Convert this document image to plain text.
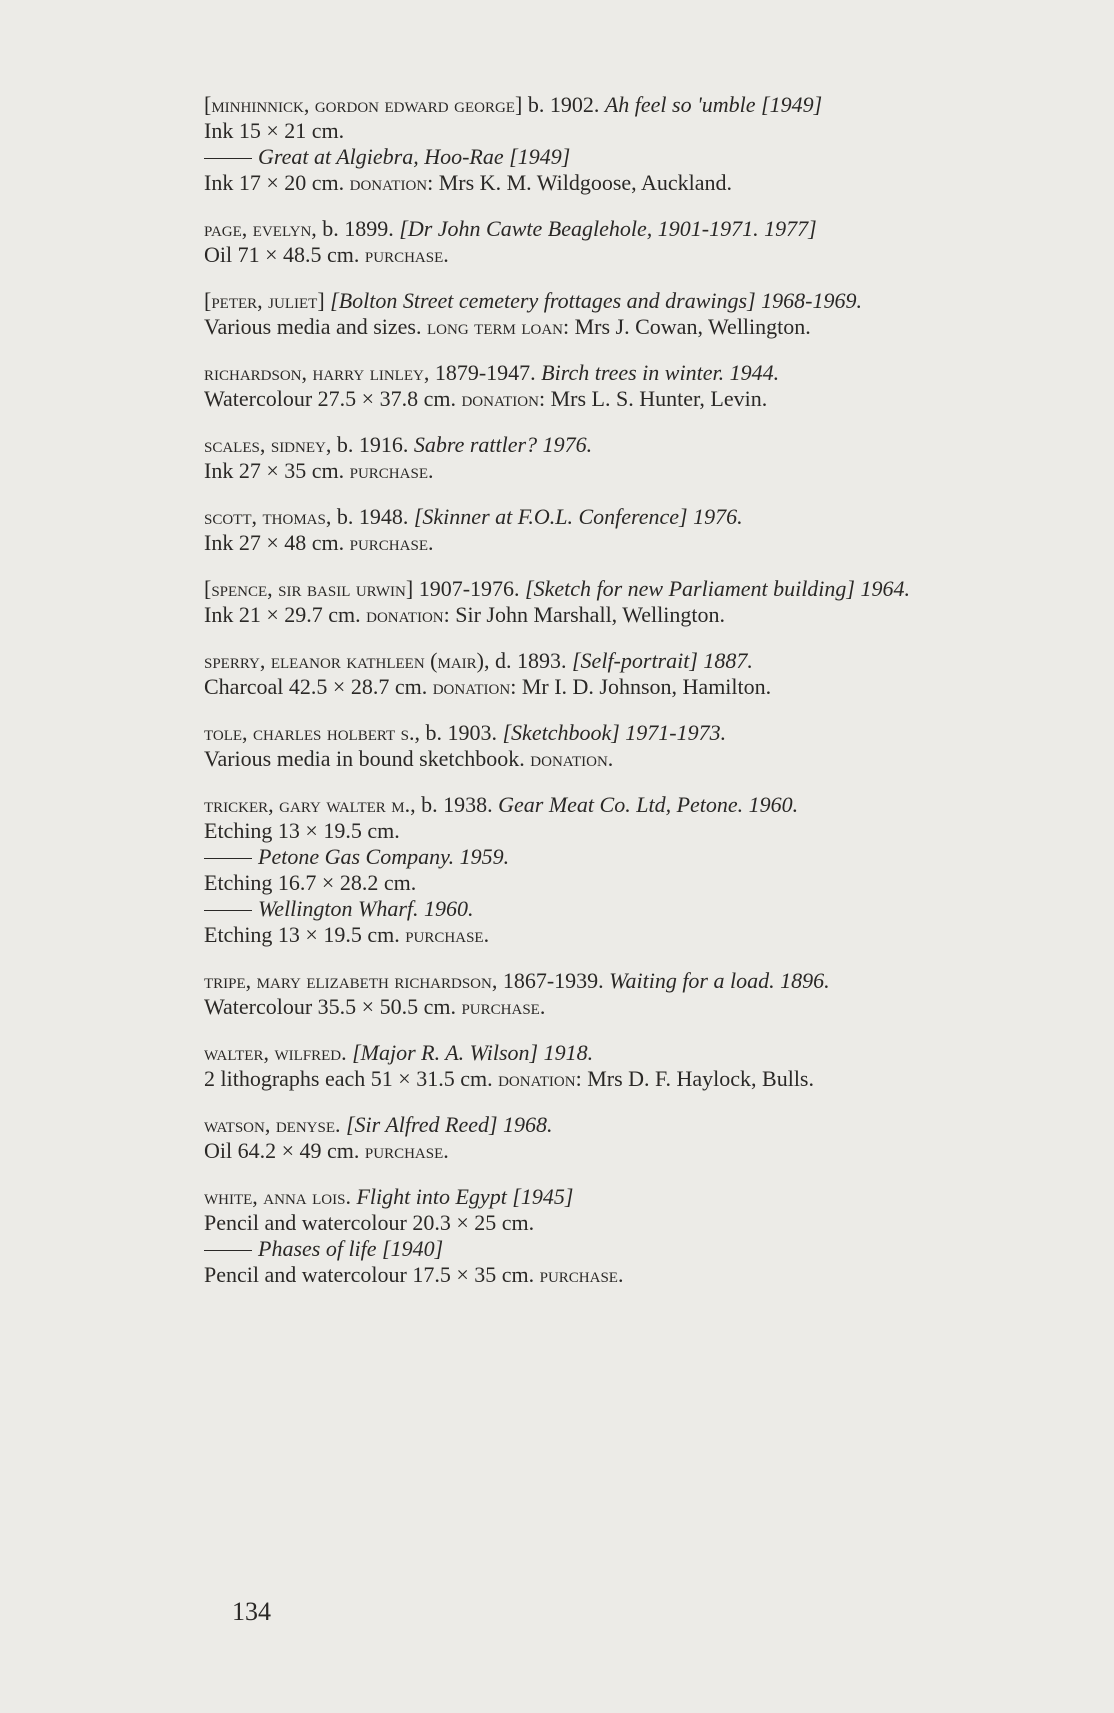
[minhinnick, gordon edward george] b. 1902. Ah feel so 'umble [1949]
Ink 15 × 21 cm.
Great at Algiebra, Hoo-Rae [1949]
Ink 17 × 20 cm. donation: Mrs K. M. Wildgoose, Auckland.
page, evelyn, b. 1899. [Dr John Cawte Beaglehole, 1901-1971. 1977]
Oil 71 × 48.5 cm. purchase.
[peter, juliet] [Bolton Street cemetery frottages and drawings] 1968-1969.
Various media and sizes. long term loan: Mrs J. Cowan, Wellington.
richardson, harry linley, 1879-1947. Birch trees in winter. 1944.
Watercolour 27.5 × 37.8 cm. donation: Mrs L. S. Hunter, Levin.
scales, sidney, b. 1916. Sabre rattler? 1976.
Ink 27 × 35 cm. purchase.
scott, thomas, b. 1948. [Skinner at F.O.L. Conference] 1976.
Ink 27 × 48 cm. purchase.
[spence, sir basil urwin] 1907-1976. [Sketch for new Parliament building] 1964.
Ink 21 × 29.7 cm. donation: Sir John Marshall, Wellington.
sperry, eleanor kathleen (mair), d. 1893. [Self-portrait] 1887.
Charcoal 42.5 × 28.7 cm. donation: Mr I. D. Johnson, Hamilton.
tole, charles holbert s., b. 1903. [Sketchbook] 1971-1973.
Various media in bound sketchbook. donation.
tricker, gary walter m., b. 1938. Gear Meat Co. Ltd, Petone. 1960.
Etching 13 × 19.5 cm.
Petone Gas Company. 1959.
Etching 16.7 × 28.2 cm.
Wellington Wharf. 1960.
Etching 13 × 19.5 cm. purchase.
tripe, mary elizabeth richardson, 1867-1939. Waiting for a load. 1896.
Watercolour 35.5 × 50.5 cm. purchase.
walter, wilfred. [Major R. A. Wilson] 1918.
2 lithographs each 51 × 31.5 cm. donation: Mrs D. F. Haylock, Bulls.
watson, denyse. [Sir Alfred Reed] 1968.
Oil 64.2 × 49 cm. purchase.
white, anna lois. Flight into Egypt [1945]
Pencil and watercolour 20.3 × 25 cm.
Phases of life [1940]
Pencil and watercolour 17.5 × 35 cm. purchase.
134
